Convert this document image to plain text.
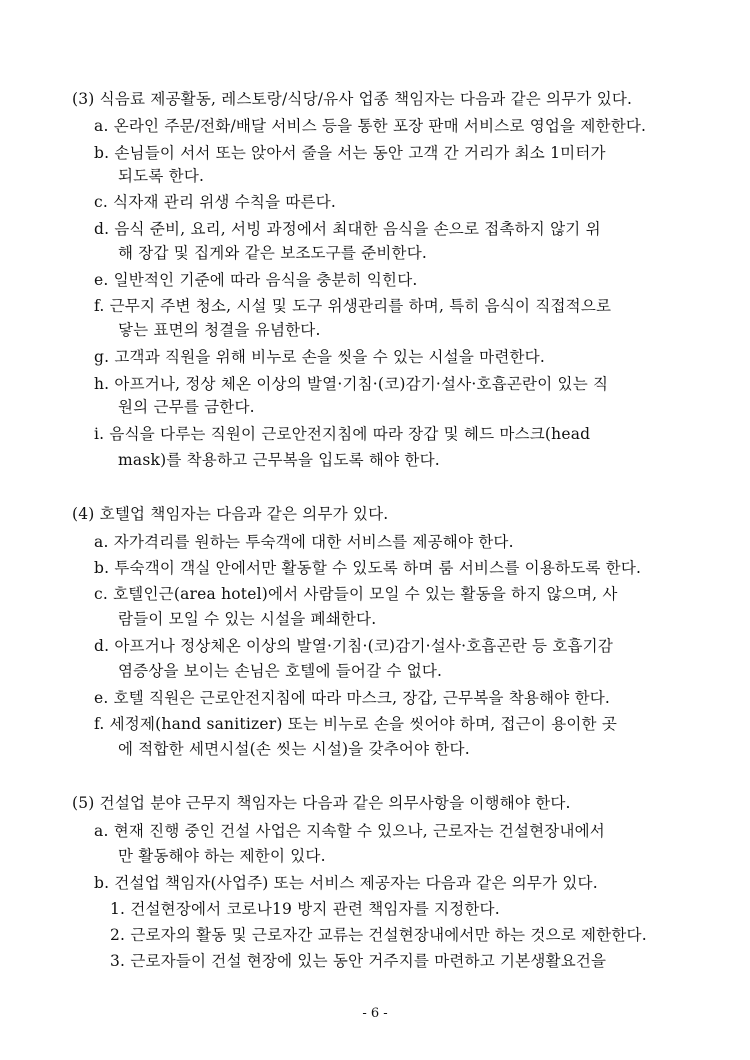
(3) 식음료 제공활동, 레스토랑/식당/유사 업종 책임자는 다음과 같은 의무가 있다.
a. 온라인 주문/전화/배달 서비스 등을 통한 포장 판매 서비스로 영업을 제한한다.
b. 손님들이 서서 또는 앉아서 줄을 서는 동안 고객 간 거리가 최소 1미터가
되도록 한다.
c. 식자재 관리 위생 수칙을 따른다.
d. 음식 준비, 요리, 서빙 과정에서 최대한 음식을 손으로 접촉하지 않기 위
해 장갑 및 집게와 같은 보조도구를 준비한다.
e. 일반적인 기준에 따라 음식을 충분히 익힌다.
f. 근무지 주변 청소, 시설 및 도구 위생관리를 하며, 특히 음식이 직접적으로
닿는 표면의 청결을 유념한다.
g. 고객과 직원을 위해 비누로 손을 씻을 수 있는 시설을 마련한다.
h. 아프거나, 정상 체온 이상의 발열·기침·(코)감기·설사·호흡곤란이 있는 직
원의 근무를 금한다.
i. 음식을 다루는 직원이 근로안전지침에 따라 장갑 및 헤드 마스크(head
mask)를 착용하고 근무복을 입도록 해야 한다.
(4) 호텔업 책임자는 다음과 같은 의무가 있다.
a. 자가격리를 원하는 투숙객에 대한 서비스를 제공해야 한다.
b. 투숙객이 객실 안에서만 활동할 수 있도록 하며 룸 서비스를 이용하도록 한다.
c. 호텔인근(area hotel)에서 사람들이 모일 수 있는 활동을 하지 않으며, 사
람들이 모일 수 있는 시설을 폐쇄한다.
d. 아프거나 정상체온 이상의 발열·기침·(코)감기·설사·호흡곤란 등 호흡기감
염증상을 보이는 손님은 호텔에 들어갈 수 없다.
e. 호텔 직원은 근로안전지침에 따라 마스크, 장갑, 근무복을 착용해야 한다.
f. 세정제(hand sanitizer) 또는 비누로 손을 씻어야 하며, 접근이 용이한 곳
에 적합한 세면시설(손 씻는 시설)을 갖추어야 한다.
(5) 건설업 분야 근무지 책임자는 다음과 같은 의무사항을 이행해야 한다.
a. 현재 진행 중인 건설 사업은 지속할 수 있으나, 근로자는 건설현장내에서
만 활동해야 하는 제한이 있다.
b. 건설업 책임자(사업주) 또는 서비스 제공자는 다음과 같은 의무가 있다.
1. 건설현장에서 코로나19 방지 관련 책임자를 지정한다.
2. 근로자의 활동 및 근로자간 교류는 건설현장내에서만 하는 것으로 제한한다.
3. 근로자들이 건설 현장에 있는 동안 거주지를 마련하고 기본생활요건을
- 6 -
